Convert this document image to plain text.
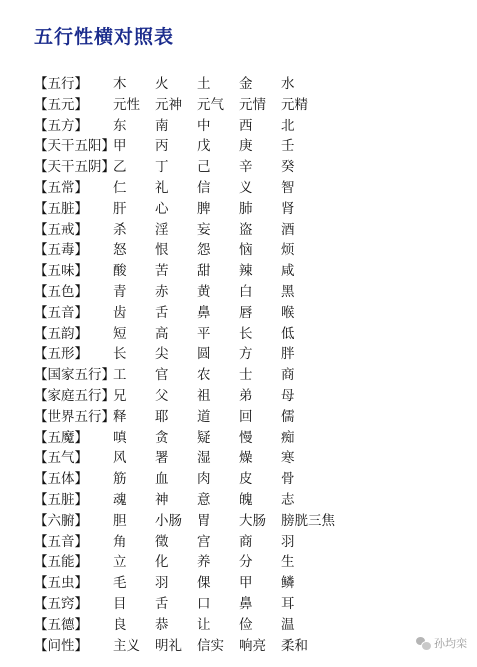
五行性横对照表
【五行】 木 火 土 金 水
【五元】 元性 元神 元气 元情 元精
【五方】 东 南 中 西 北
【天干五阳】
甲 丙 戊 庚 壬
【天干五阴】
乙 丁 己 辛 癸
【五常】 仁 礼 信 义 智
【五脏】 肝 心 脾 肺 肾
【五戒】 杀 淫 妄 盗 酒
【五毒】 怒 恨 怨 恼 烦
【五味】 酸 苦 甜 辣 咸
【五色】 青 赤 黄 白 黑
【五音】 齿 舌 鼻 唇 喉
【五韵】 短 高 平 长 低
【五形】 长 尖 圆 方 胖
【国家五行】
工 官 农 士 商
【家庭五行】
兄 父 祖 弟 母
【世界五行】
释 耶 道 回 儒
【五魔】 嗔 贪 疑 慢 痴
【五气】 风 署 湿 燥 寒
【五体】 筋 血 肉 皮 骨
【五脏】 魂 神 意 魄 志
【六腑】 胆 小肠 胃 大肠 膀胱三焦
【五音】 角 徵 宫 商 羽
【五能】 立 化 养 分 生
【五虫】 毛 羽 倮 甲 鳞
【五窍】 目 舌 口 鼻 耳
【五德】 良 恭 让 俭 温
【问性】 主义 明礼 信实 响亮 柔和	孙均栾
